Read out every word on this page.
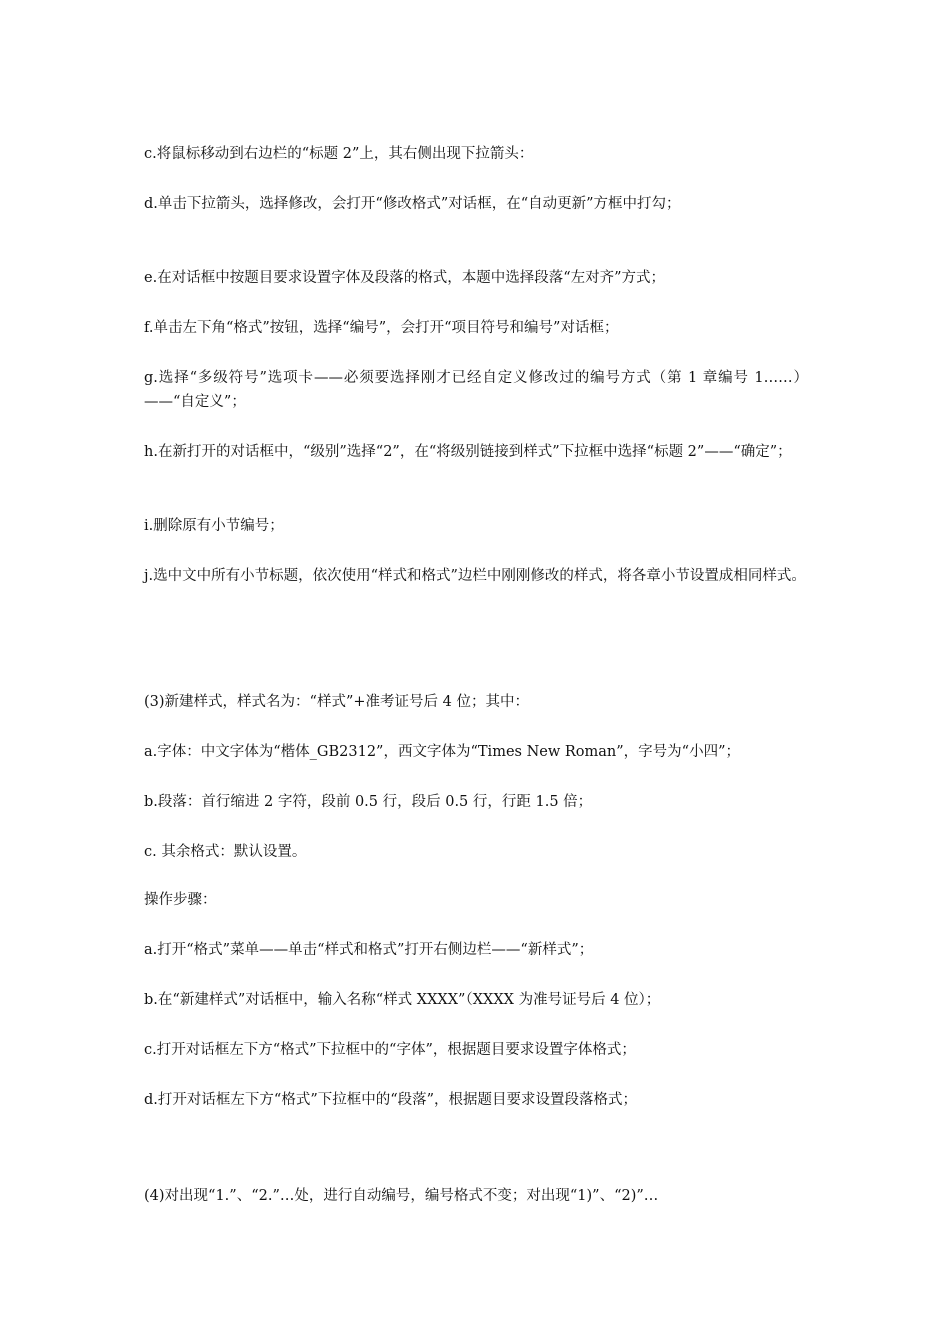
c.将鼠标移动到右边栏的“标题 2”上，其右侧出现下拉箭头：

d.单击下拉箭头，选择修改，会打开“修改格式”对话框，在“自动更新”方框中打勾；

e.在对话框中按题目要求设置字体及段落的格式，本题中选择段落“左对齐”方式；

f.单击左下角“格式”按钮，选择“编号”，会打开“项目符号和编号”对话框；

g.选择“多级符号”选项卡——必须要选择刚才已经自定义修改过的编号方式（第 1 章编号 1……）——“自定义”；

h.在新打开的对话框中，“级别”选择“2”，在“将级别链接到样式”下拉框中选择“标题 2”——“确定”；

i.删除原有小节编号；

j.选中文中所有小节标题，依次使用“样式和格式”边栏中刚刚修改的样式，将各章小节设置成相同样式。

(3)新建样式，样式名为：“样式”+准考证号后 4 位；其中：

a.字体：中文字体为“楷体_GB2312”，西文字体为“Times New Roman”，字号为“小四”；

b.段落：首行缩进 2 字符，段前 0.5 行，段后 0.5 行，行距 1.5 倍；

c. 其余格式：默认设置。

操作步骤：

a.打开“格式”菜单——单击“样式和格式”打开右侧边栏——“新样式”；

b.在“新建样式”对话框中，输入名称“样式 XXXX”（XXXX 为准号证号后 4 位）；

c.打开对话框左下方“格式”下拉框中的“字体”，根据题目要求设置字体格式；

d.打开对话框左下方“格式”下拉框中的“段落”，根据题目要求设置段落格式；

(4)对出现“1.”、“2.”…处，进行自动编号，编号格式不变；对出现“1)”、“2)”…
